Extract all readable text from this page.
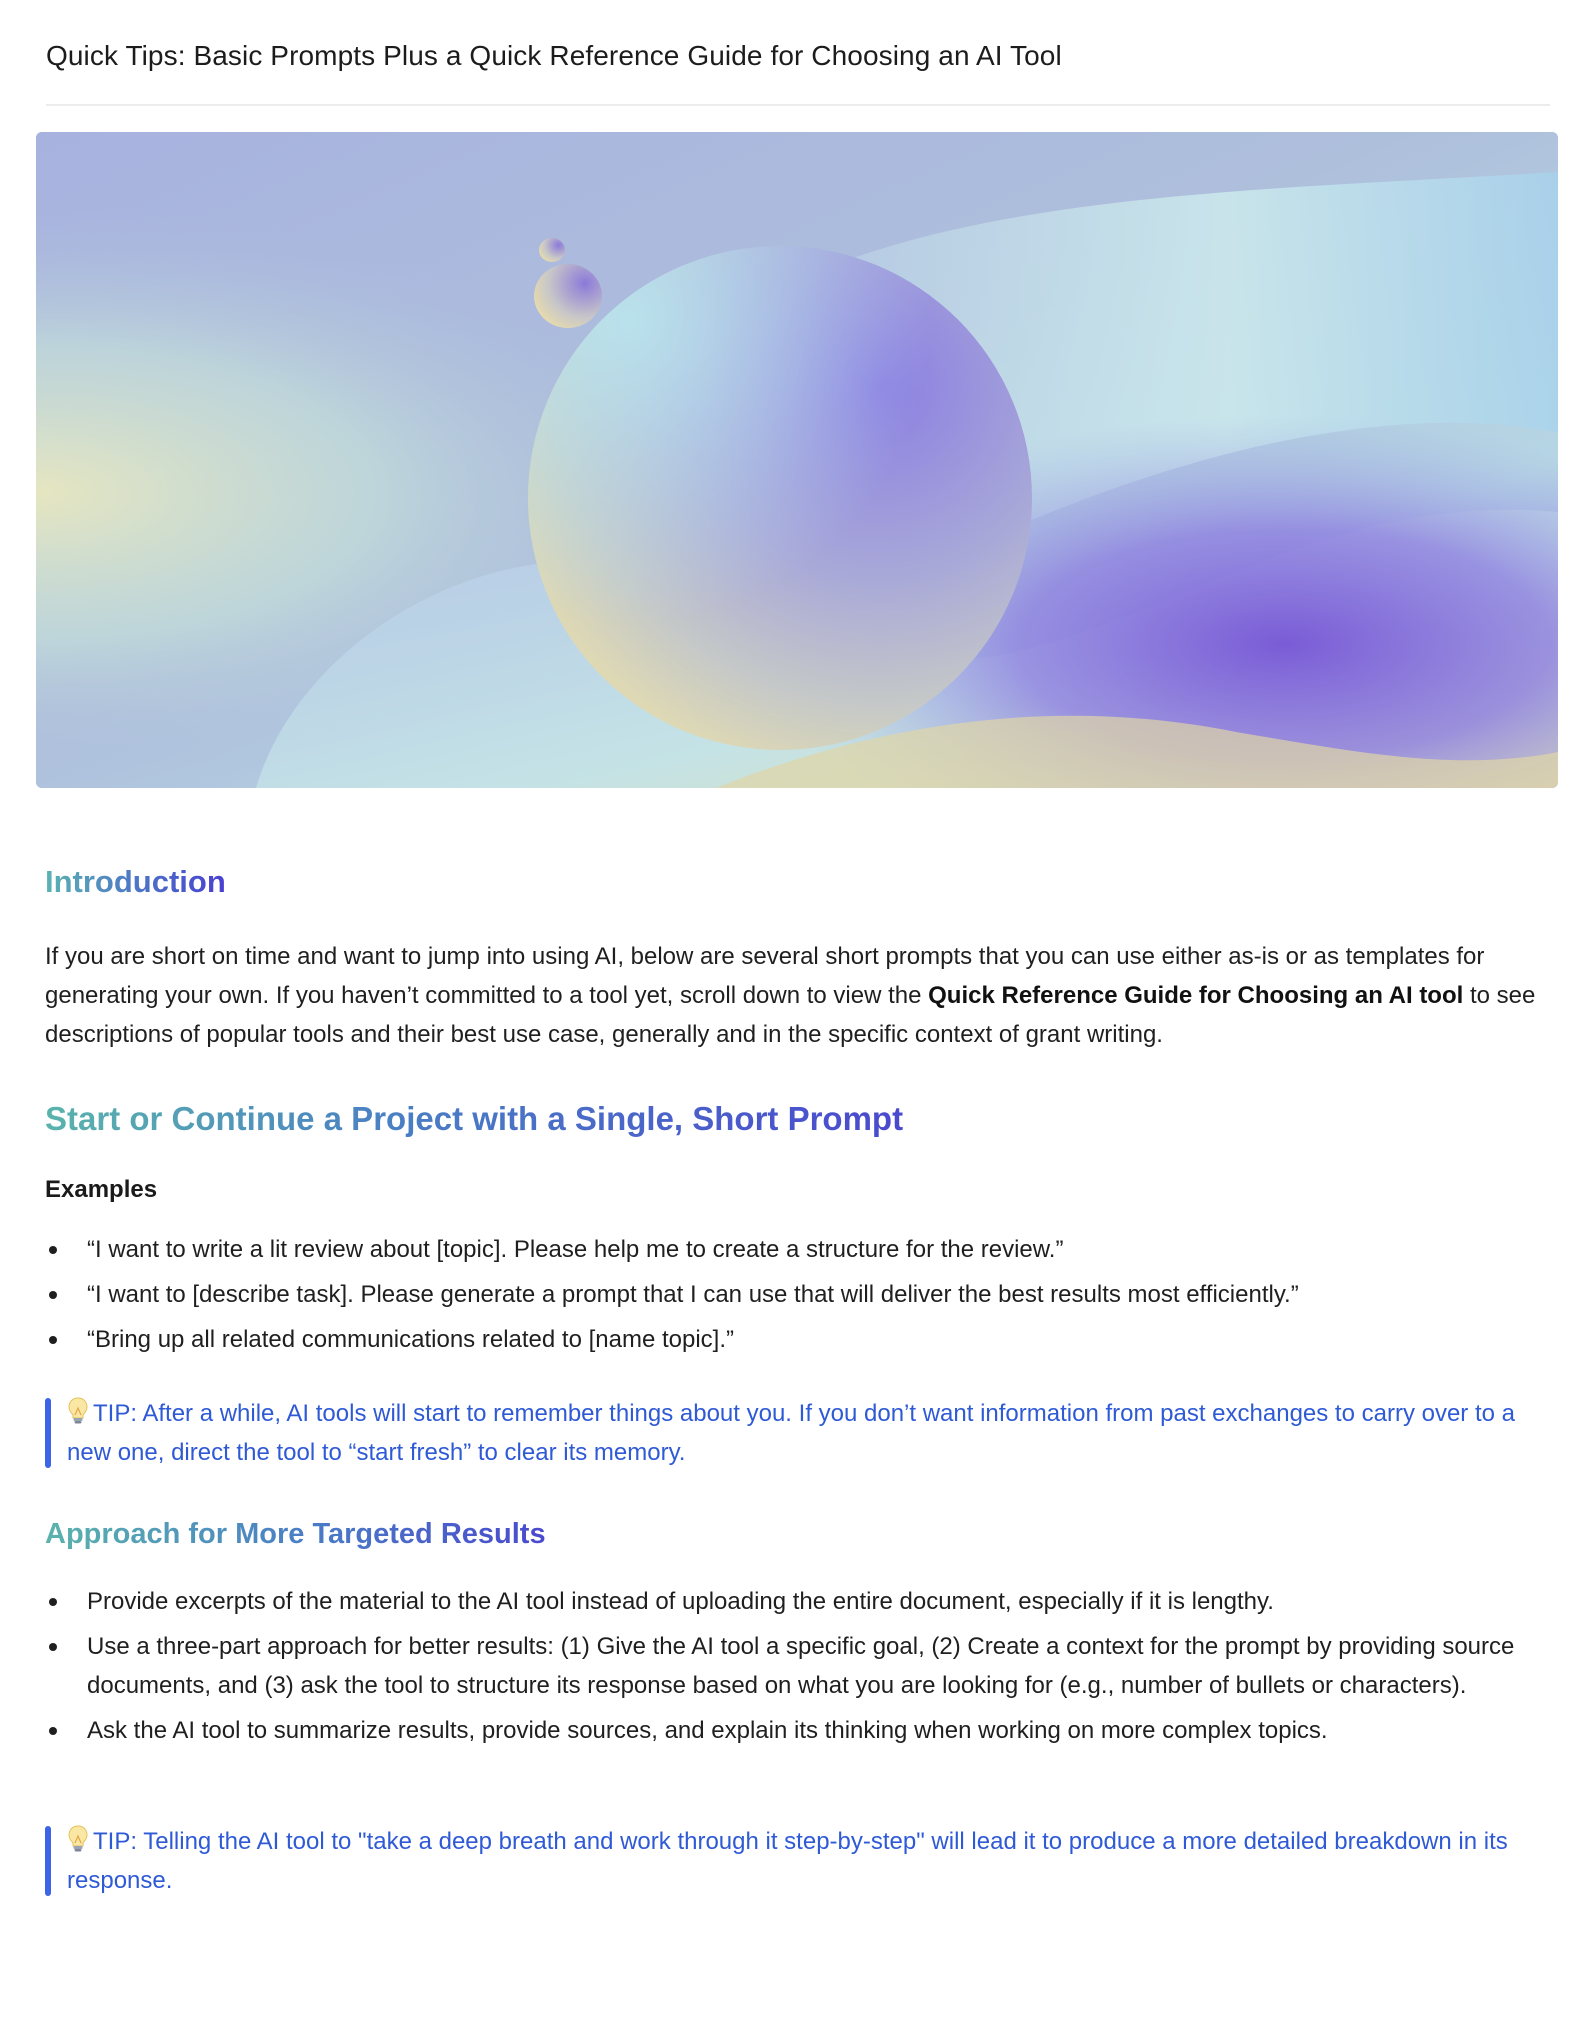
Quick Tips: Basic Prompts Plus a Quick Reference Guide for Choosing an AI Tool
Introduction

If you are short on time and want to jump into using AI, below are several short prompts that you can use either as-is or as templates for generating your own. If you haven’t committed to a tool yet, scroll down to view the Quick Reference Guide for Choosing an AI tool to see descriptions of popular tools and their best use case, generally and in the specific context of grant writing.

Start or Continue a Project with a Single, Short Prompt
Examples
“I want to write a lit review about [topic]. Please help me to create a structure for the review.”
“I want to [describe task]. Please generate a prompt that I can use that will deliver the best results most efficiently.”
“Bring up all related communications related to [name topic].”
TIP: After a while, AI tools will start to remember things about you. If you don’t want information from past exchanges to carry over to a new one, direct the tool to “start fresh” to clear its memory.
Approach for More Targeted Results
Provide excerpts of the material to the AI tool instead of uploading the entire document, especially if it is lengthy.
Use a three-part approach for better results: (1) Give the AI tool a specific goal, (2) Create a context for the prompt by providing source documents, and (3) ask the tool to structure its response based on what you are looking for (e.g., number of bullets or characters).
Ask the AI tool to summarize results, provide sources, and explain its thinking when working on more complex topics.
TIP: Telling the AI tool to "take a deep breath and work through it step-by-step" will lead it to produce a more detailed breakdown in its response.
